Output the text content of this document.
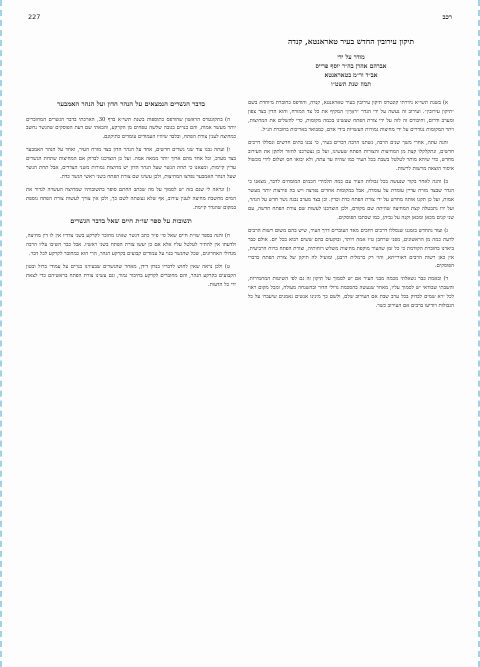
227	רכב
תיקון עירובין החדש בעיר טאראנטא, קנדה
מודר על ידי
אברהם אהרן בה״ר יוסף פרייס
אב״ד ור״מ בטאראנטא
תמוז שנת תשט״ו

א) בשנת תשי״א נידרתי קונטרס תיקון עירובין בעיר טאראנטא, קנדה, והודפס כחוברת מיוחדת בשם ״תיקון עירובין״. ועירוב זה נעשה על ידי הגדר ״ראָיָין״ המקיף את כל צד המזרח, והוא הדין בצד צפון ומערב ודרום, וחיבורם זה לזה על ידי צורת הפתח שעשינו בכמה מקומות, כדי להשלים את המחיצות, ויתר המקומות נגודרים על ידי מחיצות גמורות העשויות בידי אדם, כמבואר באריכות בחוברת הנ״ל.

והנה עתה, אחרי משך שנים הרבה, נשתנו הרבה דברים בעיר, כי נבנו בתים חדשים ונסללו דרכים חדשים, ונתקלקלו קצת מן המחיצות והצורות הפתח שעשינו, ועל כן נצטרכנו לחזור ולתקן את העירוב מחדש, כדי שיהא מותר לטלטל בשבת בכל העיר כמו שהיה עד עתה, ולא יבואו חס ושלום לידי מכשול איסור הוצאה מרשות לרשות.

ב) והנה לאחר בקור שנעשה בכל גבולות העיר עם כמה תלמידי חכמים המומחים לדבר, מצאנו כי הגדר שבצד מזרח עדיין עומדת על עומדה, אבל במקומות אחדים נפרצה ויש בה פירצות יותר מעשר אמות, ועל כן תקנו אותה מחדש על ידי צורת הפתח כדת וכדין. וכן בצד מערב נבנה גשר חדש על הנהר, ועל ידו נתבטלה קצת המחיצה שהיתה שם מקודם, ולכן הוצרכנו לעשות שם צורת הפתח חדשה, עם שני קנים מכאן ומכאן וקנה על גביהן, כמו שכתבו הפוסקים.

ג) ועוד נתחדש בזמננו שנסללו דרכים רחבים מאד העוברים דרך העיר, שיש בהם משום רשות הרבים לדעת כמה מן הראשונים, מפני שרחבן ט״ז אמה ויותר, ובוקעים בהם ששים רבוא בכל יום. אולם כבר ביארנו בחוברת הקודמת כי כל זמן שהעיר מוקפת מחיצות משלש רוחותיה, וצורת הפתח ברוח הרביעית, אין כאן רשות הרבים דאורייתא, והוי רק כרמלית דרבנן, ומועיל לה תיקון של צורת הפתח כדברי הפוסקים.

ד) ובאמת כבר נשאלתי מכמה מבני העיר אם יש לסמוך על תיקון זה גם לפי השיטות המחמירות, והשבתי שבודאי יש לסמוך עליו, מאחר שנעשה בהסכמת גדולי הדור ובהשגחה מעולה, ומכל מקום ראוי לכל ירא שמים לבדוק בכל ערב שבת אם העירוב שלם, ולשם כך מינינו אנשים נאמנים שיעברו על כל הגבולות ויודיעו ברבים אם העירוב כשר.

בדבר הגשרים הנמצאים על הנהר הדון ועל הנהר האמבער

ה) בתקונטרס הראשון שהודפס כתוספות בשנת תשי״א בדף 30, הארכתי בדבר הגשרים המחוברים יותר מעשר אמות, והם בנויים בגובה שלשה טפחים מן הקרקע, והבאתי שם דעת הפוסקים שהגשר נחשב כמחיצה לענין צורת הפתח, ובלבד שיהיו העמודים עומדים כתיקונם.

ו) ועתה נבנו עוד שני גשרים חדשים, אחד על הנהר הדון בצד מזרח העיר, ואחד על הנהר האמבער בצד מערב, וכל אחד מהם ארוך יותר ממאה אמה. ועל כן הוצרכנו לבדוק אם המחיצות שתחת הגשרים עדיין קיימות, ומצאנו כי תחת הגשר שעל הנהר הדון יש מחיצות גמורות משני הצדדים, אבל תחת הגשר שעל הנהר האמבער נפרצו המחיצות, ולכן עשינו שם צורת הפתח בשני ראשי הגשר כדת.

ז) ונראה לי שגם בזה יש לסמוך על מה שכתב החתם סופר בתשובותיו שמחיצה העשויה לגדור את המים מחשבת מחיצה לענין עירוב, אף שלא נעשתה לשם כך, ולכן אין צורך לעשות צורת הפתח נוספת במקום שהגדר קיימת.

תשובות על ספר שו״ת חיים שאל בדבר הגשרים

ח) והנה בספר שו״ת חיים שאל סי׳ פ״ד כתב דגשר שאינו מחובר לקרקע בשני צדדיו אין לו דין מחיצה, ולדעתו אין להתיר לטלטל עליו אלא אם כן יעשו צורת הפתח בשני ראשיו. אבל כבר השיבו עליו הרבה מגדולי האחרונים, שכל שהגשר בנוי על עמודים קבועים בקרקע הנהר, הרי הוא כמחובר לקרקע לכל דבר.

ט) ולכן נראה שאין לחוש לדבריו בנדון דידן, מאחר שהגשרים שבעירנו בנויים על עמודי ברזל ובטון הקבועים בקרקע הנהר, והם מחוברים לקרקע בחיבור גמור, וגם עשינו צורת הפתח בראשיהם כדי לצאת ידי כל הדעות.
